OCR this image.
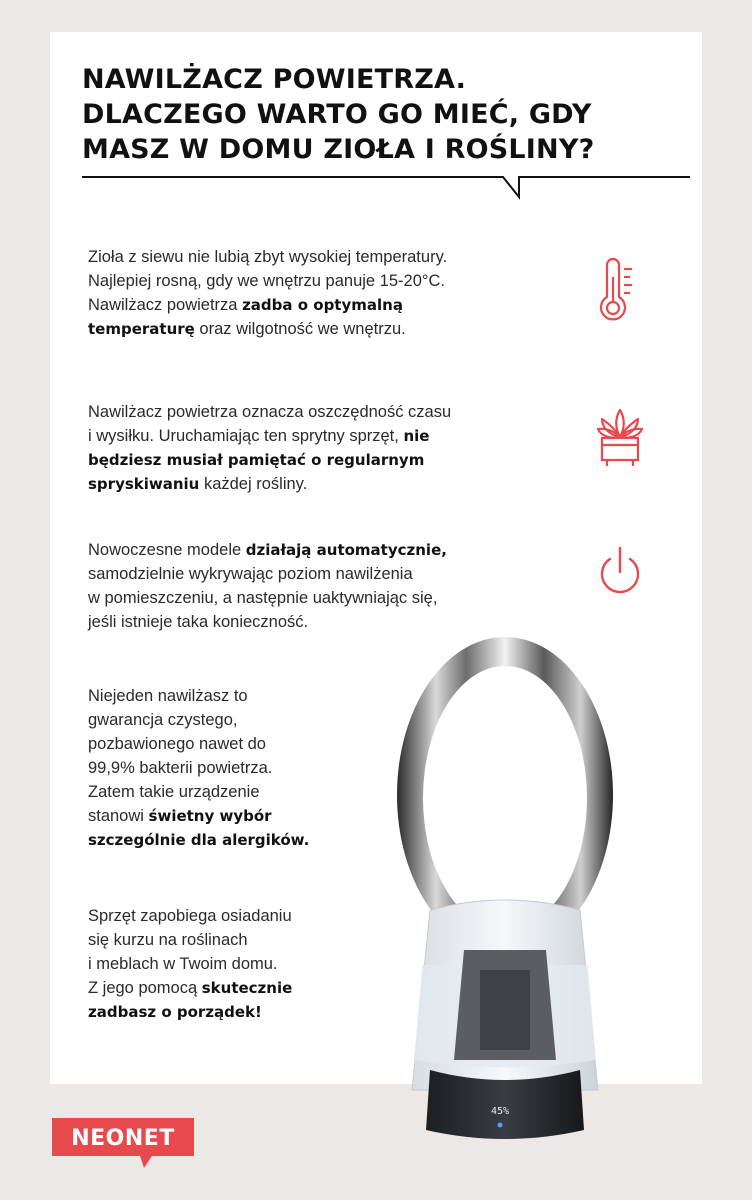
NAWILŻACZ POWIETRZA.
DLACZEGO WARTO GO MIEĆ, GDY
MASZ W DOMU ZIOŁA I ROŚLINY?
Zioła z siewu nie lubią zbyt wysokiej temperatury.
Najlepiej rosną, gdy we wnętrzu panuje 15-20°C.
Nawilżacz powietrza zadba o optymalną
temperaturę oraz wilgotność we wnętrzu.
Nawilżacz powietrza oznacza oszczędność czasu
i wysiłku. Uruchamiając ten sprytny sprzęt, nie
będziesz musiał pamiętać o regularnym
spryskiwaniu każdej rośliny.
Nowoczesne modele działają automatycznie,
samodzielnie wykrywając poziom nawilżenia
w pomieszczeniu, a następnie uaktywniając się,
jeśli istnieje taka konieczność.
Niejeden nawilżasz to
gwarancja czystego,
pozbawionego nawet do
99,9% bakterii powietrza.
Zatem takie urządzenie
stanowi świetny wybór
szczególnie dla alergików.
Sprzęt zapobiega osiadaniu
się kurzu na roślinach
i meblach w Twoim domu.
Z jego pomocą skutecznie
zadbasz o porządek!
45%
NEONET
